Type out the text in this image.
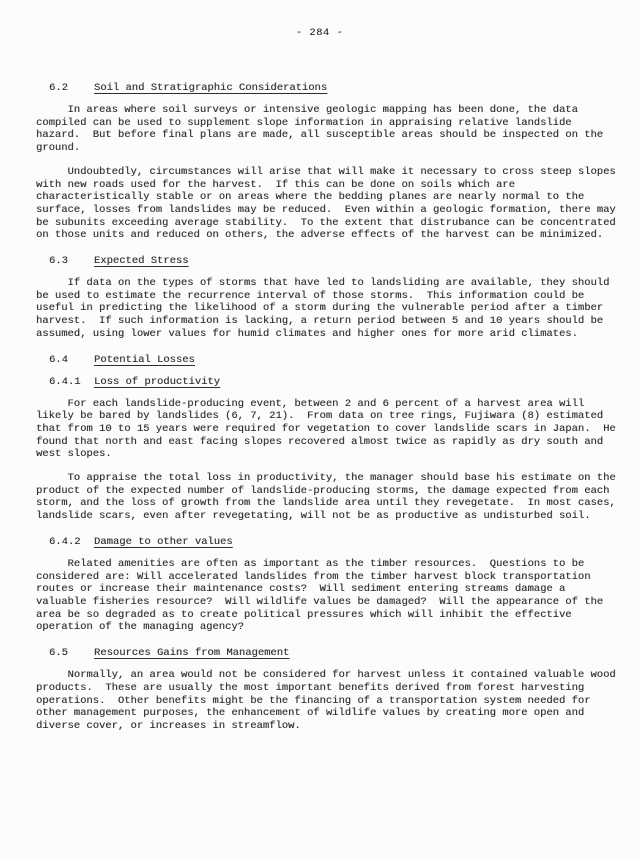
- 284 -
6.2 Soil and Stratigraphic Considerations

In areas where soil surveys or intensive geologic mapping has been done, the data compiled can be used to supplement slope information in appraising relative landslide hazard.  But before final plans are made, all susceptible areas should be inspected on the ground.

Undoubtedly, circumstances will arise that will make it necessary to cross steep slopes with new roads used for the harvest.  If this can be done on soils which are characteristically stable or on areas where the bedding planes are nearly normal to the surface, losses from landslides may be reduced.  Even within a geologic formation, there may be subunits exceeding average stability.  To the extent that distrubance can be concentrated on those units and reduced on others, the adverse effects of the harvest can be minimized.

6.3 Expected Stress

If data on the types of storms that have led to landsliding are available, they should be used to estimate the recurrence interval of those storms.  This information could be useful in predicting the likelihood of a storm during the vulnerable period after a timber harvest.  If such information is lacking, a return period between 5 and 10 years should be assumed, using lower values for humid climates and higher ones for more arid climates.

6.4 Potential Losses
6.4.1 Loss of productivity

For each landslide-producing event, between 2 and 6 percent of a harvest area will likely be bared by landslides (6, 7, 21).  From data on tree rings, Fujiwara (8) estimated that from 10 to 15 years were required for vegetation to cover landslide scars in Japan.  He found that north and east facing slopes recovered almost twice as rapidly as dry south and west slopes.

To appraise the total loss in productivity, the manager should base his estimate on the product of the expected number of landslide-producing storms, the damage expected from each storm, and the loss of growth from the landslide area until they revegetate.  In most cases, landslide scars, even after revegetating, will not be as productive as undisturbed soil.

6.4.2 Damage to other values

Related amenities are often as important as the timber resources.  Questions to be considered are: Will accelerated landslides from the timber harvest block transportation routes or increase their maintenance costs?  Will sediment entering streams damage a valuable fisheries resource?  Will wildlife values be damaged?  Will the appearance of the area be so degraded as to create political pressures which will inhibit the effective operation of the managing agency?

6.5 Resources Gains from Management

Normally, an area would not be considered for harvest unless it contained valuable wood products.  These are usually the most important benefits derived from forest harvesting operations.  Other benefits might be the financing of a transportation system needed for other management purposes, the enhancement of wildlife values by creating more open and diverse cover, or increases in streamflow.
